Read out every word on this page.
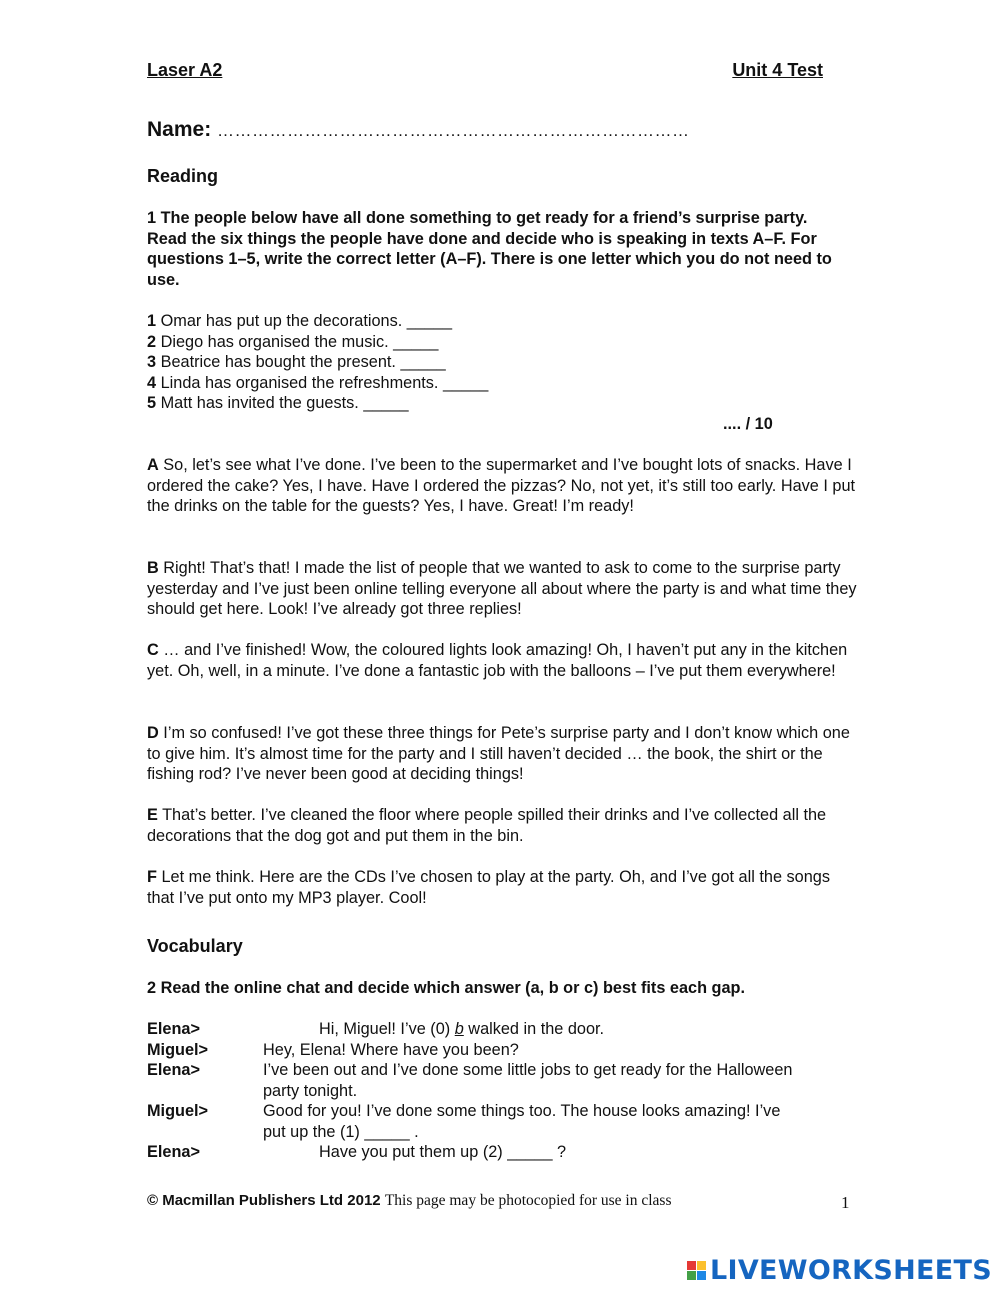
Laser A2	Unit 4 Test
Name: ………………………………………………………………………
Reading
1 The people below have all done something to get ready for a friend’s surprise party. Read the six things the people have done and decide who is speaking in texts A–F. For questions 1–5, write the correct letter (A–F). There is one letter which you do not need to use.
1 Omar has put up the decorations. _____
2 Diego has organised the music. _____
3 Beatrice has bought the present. _____
4 Linda has organised the refreshments. _____
5 Matt has invited the guests. _____
.... / 10
A So, let’s see what I’ve done. I’ve been to the supermarket and I’ve bought lots of snacks. Have I ordered the cake? Yes, I have. Have I ordered the pizzas? No, not yet, it’s still too early. Have I put the drinks on the table for the guests? Yes, I have. Great! I’m ready!
B Right! That’s that! I made the list of people that we wanted to ask to come to the surprise party yesterday and I’ve just been online telling everyone all about where the party is and what time they should get here. Look! I’ve already got three replies!
C … and I’ve finished! Wow, the coloured lights look amazing! Oh, I haven’t put any in the kitchen yet. Oh, well, in a minute. I’ve done a fantastic job with the balloons – I’ve put them everywhere!
D I’m so confused! I’ve got these three things for Pete’s surprise party and I don’t know which one to give him. It’s almost time for the party and I still haven’t decided … the book, the shirt or the fishing rod? I’ve never been good at deciding things!
E That’s better. I’ve cleaned the floor where people spilled their drinks and I’ve collected all the decorations that the dog got and put them in the bin.
F Let me think. Here are the CDs I’ve chosen to play at the party. Oh, and I’ve got all the songs that I’ve put onto my MP3 player. Cool!
Vocabulary
2 Read the online chat and decide which answer (a, b or c) best fits each gap.
Elena>	Hi, Miguel! I’ve (0) b walked in the door.
Miguel>	Hey, Elena! Where have you been?
Elena>	I’ve been out and I’ve done some little jobs to get ready for the Halloween
party tonight.
Miguel>	Good for you! I’ve done some things too. The house looks amazing! I’ve
put up the (1) _____ .
Elena>	Have you put them up (2) _____ ?
© Macmillan Publishers Ltd 2012 This page may be photocopied for use in class	1
LIVEWORKSHEETS
